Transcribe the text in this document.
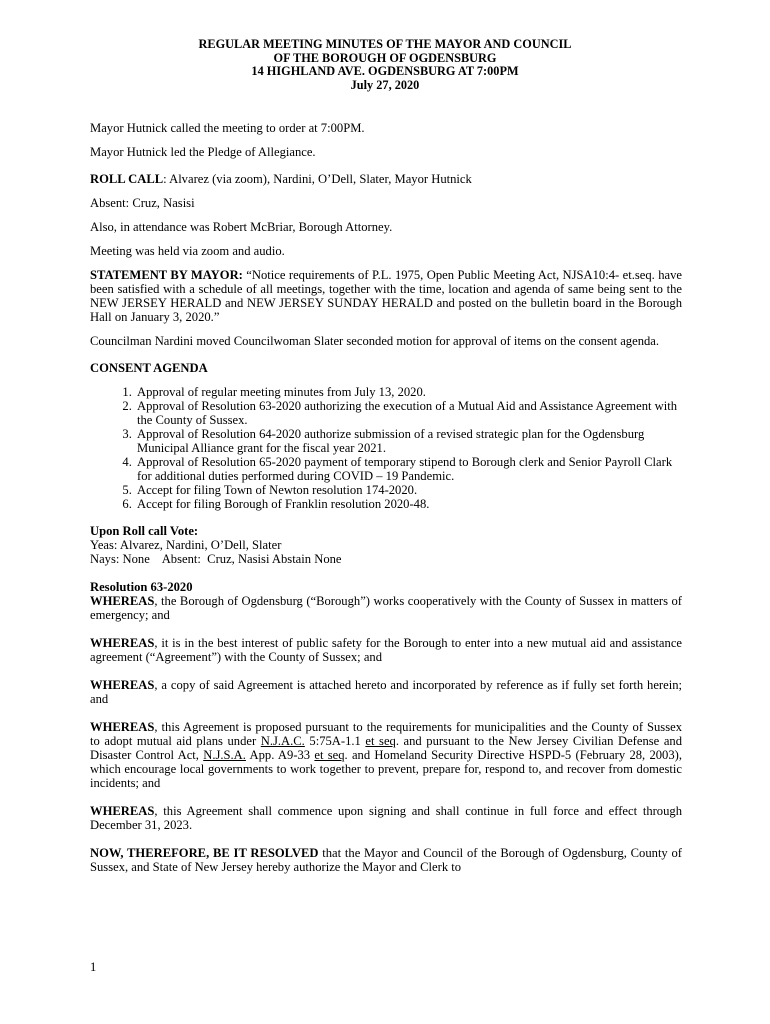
REGULAR MEETING MINUTES OF THE MAYOR AND COUNCIL
OF THE BOROUGH OF OGDENSBURG
14 HIGHLAND AVE. OGDENSBURG AT 7:00PM
July 27, 2020

Mayor Hutnick called the meeting to order at 7:00PM.

Mayor Hutnick led the Pledge of Allegiance.

ROLL CALL: Alvarez (via zoom), Nardini, O’Dell, Slater, Mayor Hutnick

Absent: Cruz, Nasisi

Also, in attendance was Robert McBriar, Borough Attorney.

Meeting was held via zoom and audio.

STATEMENT BY MAYOR: “Notice requirements of P.L. 1975, Open Public Meeting Act, NJSA10:4- et.seq. have been satisfied with a schedule of all meetings, together with the time, location and agenda of same being sent to the NEW JERSEY HERALD and NEW JERSEY SUNDAY HERALD and posted on the bulletin board in the Borough Hall on January 3, 2020.”

Councilman Nardini moved Councilwoman Slater seconded motion for approval of items on the consent agenda.

CONSENT AGENDA

1. Approval of regular meeting minutes from July 13, 2020.
2. Approval of Resolution 63-2020 authorizing the execution of a Mutual Aid and Assistance Agreement with the County of Sussex.
3. Approval of Resolution 64-2020 authorize submission of a revised strategic plan for the Ogdensburg Municipal Alliance grant for the fiscal year 2021.
4. Approval of Resolution 65-2020 payment of temporary stipend to Borough clerk and Senior Payroll Clark for additional duties performed during COVID – 19 Pandemic.
5. Accept for filing Town of Newton resolution 174-2020.
6. Accept for filing Borough of Franklin resolution 2020-48.

Upon Roll call Vote:

Yeas: Alvarez, Nardini, O’Dell, Slater

Nays: None    Absent:  Cruz, Nasisi Abstain None

Resolution 63-2020

WHEREAS, the Borough of Ogdensburg (“Borough”) works cooperatively with the County of Sussex in matters of emergency; and

WHEREAS, it is in the best interest of public safety for the Borough to enter into a new mutual aid and assistance agreement (“Agreement”) with the County of Sussex; and

WHEREAS, a copy of said Agreement is attached hereto and incorporated by reference as if fully set forth herein; and

WHEREAS, this Agreement is proposed pursuant to the requirements for municipalities and the County of Sussex to adopt mutual aid plans under N.J.A.C. 5:75A-1.1 et seq. and pursuant to the New Jersey Civilian Defense and Disaster Control Act, N.J.S.A. App. A9-33 et seq. and Homeland Security Directive HSPD-5 (February 28, 2003), which encourage local governments to work together to prevent, prepare for, respond to, and recover from domestic incidents; and

WHEREAS, this Agreement shall commence upon signing and shall continue in full force and effect through December 31, 2023.

NOW, THEREFORE, BE IT RESOLVED that the Mayor and Council of the Borough of Ogdensburg, County of Sussex, and State of New Jersey hereby authorize the Mayor and Clerk to

1
